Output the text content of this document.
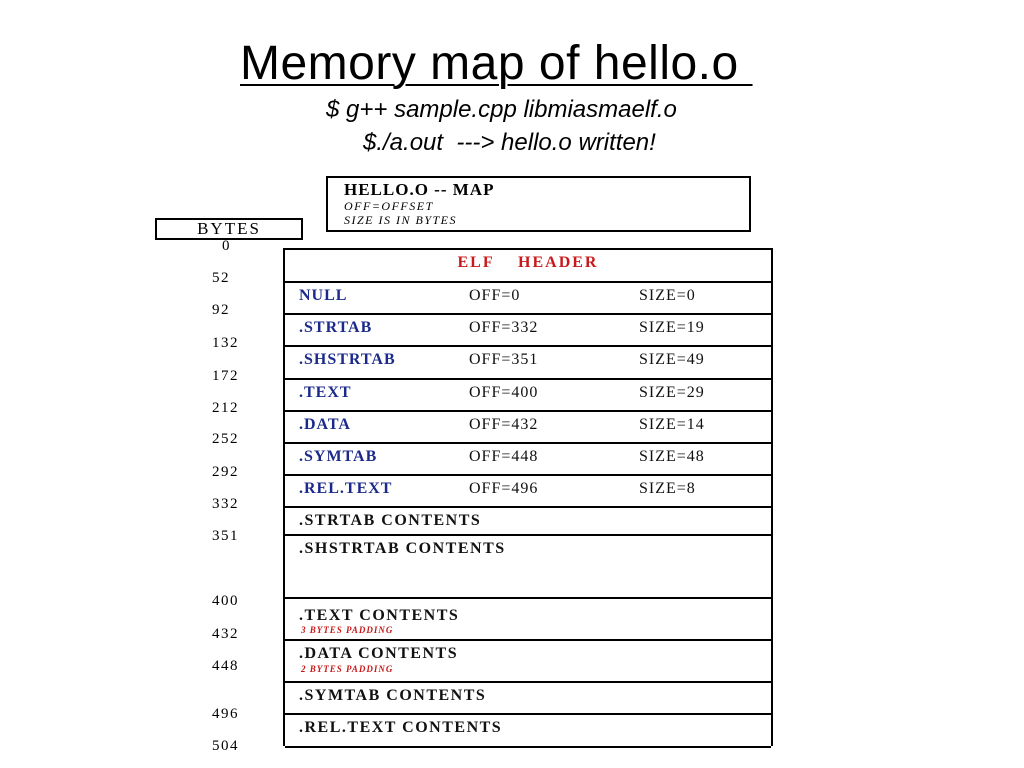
Memory map of hello.o
$ g++ sample.cpp libmiasmaelf.o
$./a.out  ---> hello.o written!
HELLO.O -- MAP
OFF=OFFSET
SIZE IS IN BYTES
BYTES
0
52
92
132
172
212
252
292
332
351
400
432
448
496
504
ELF    HEADER
NULL	OFF=0	SIZE=0
.STRTAB	OFF=332	SIZE=19
.SHSTRTAB	OFF=351	SIZE=49
.TEXT	OFF=400	SIZE=29
.DATA	OFF=432	SIZE=14
.SYMTAB	OFF=448	SIZE=48
.REL.TEXT	OFF=496	SIZE=8
.STRTAB CONTENTS
.SHSTRTAB CONTENTS
.TEXT CONTENTS
3 BYTES PADDING
.DATA CONTENTS
2 BYTES PADDING
.SYMTAB CONTENTS
.REL.TEXT CONTENTS
